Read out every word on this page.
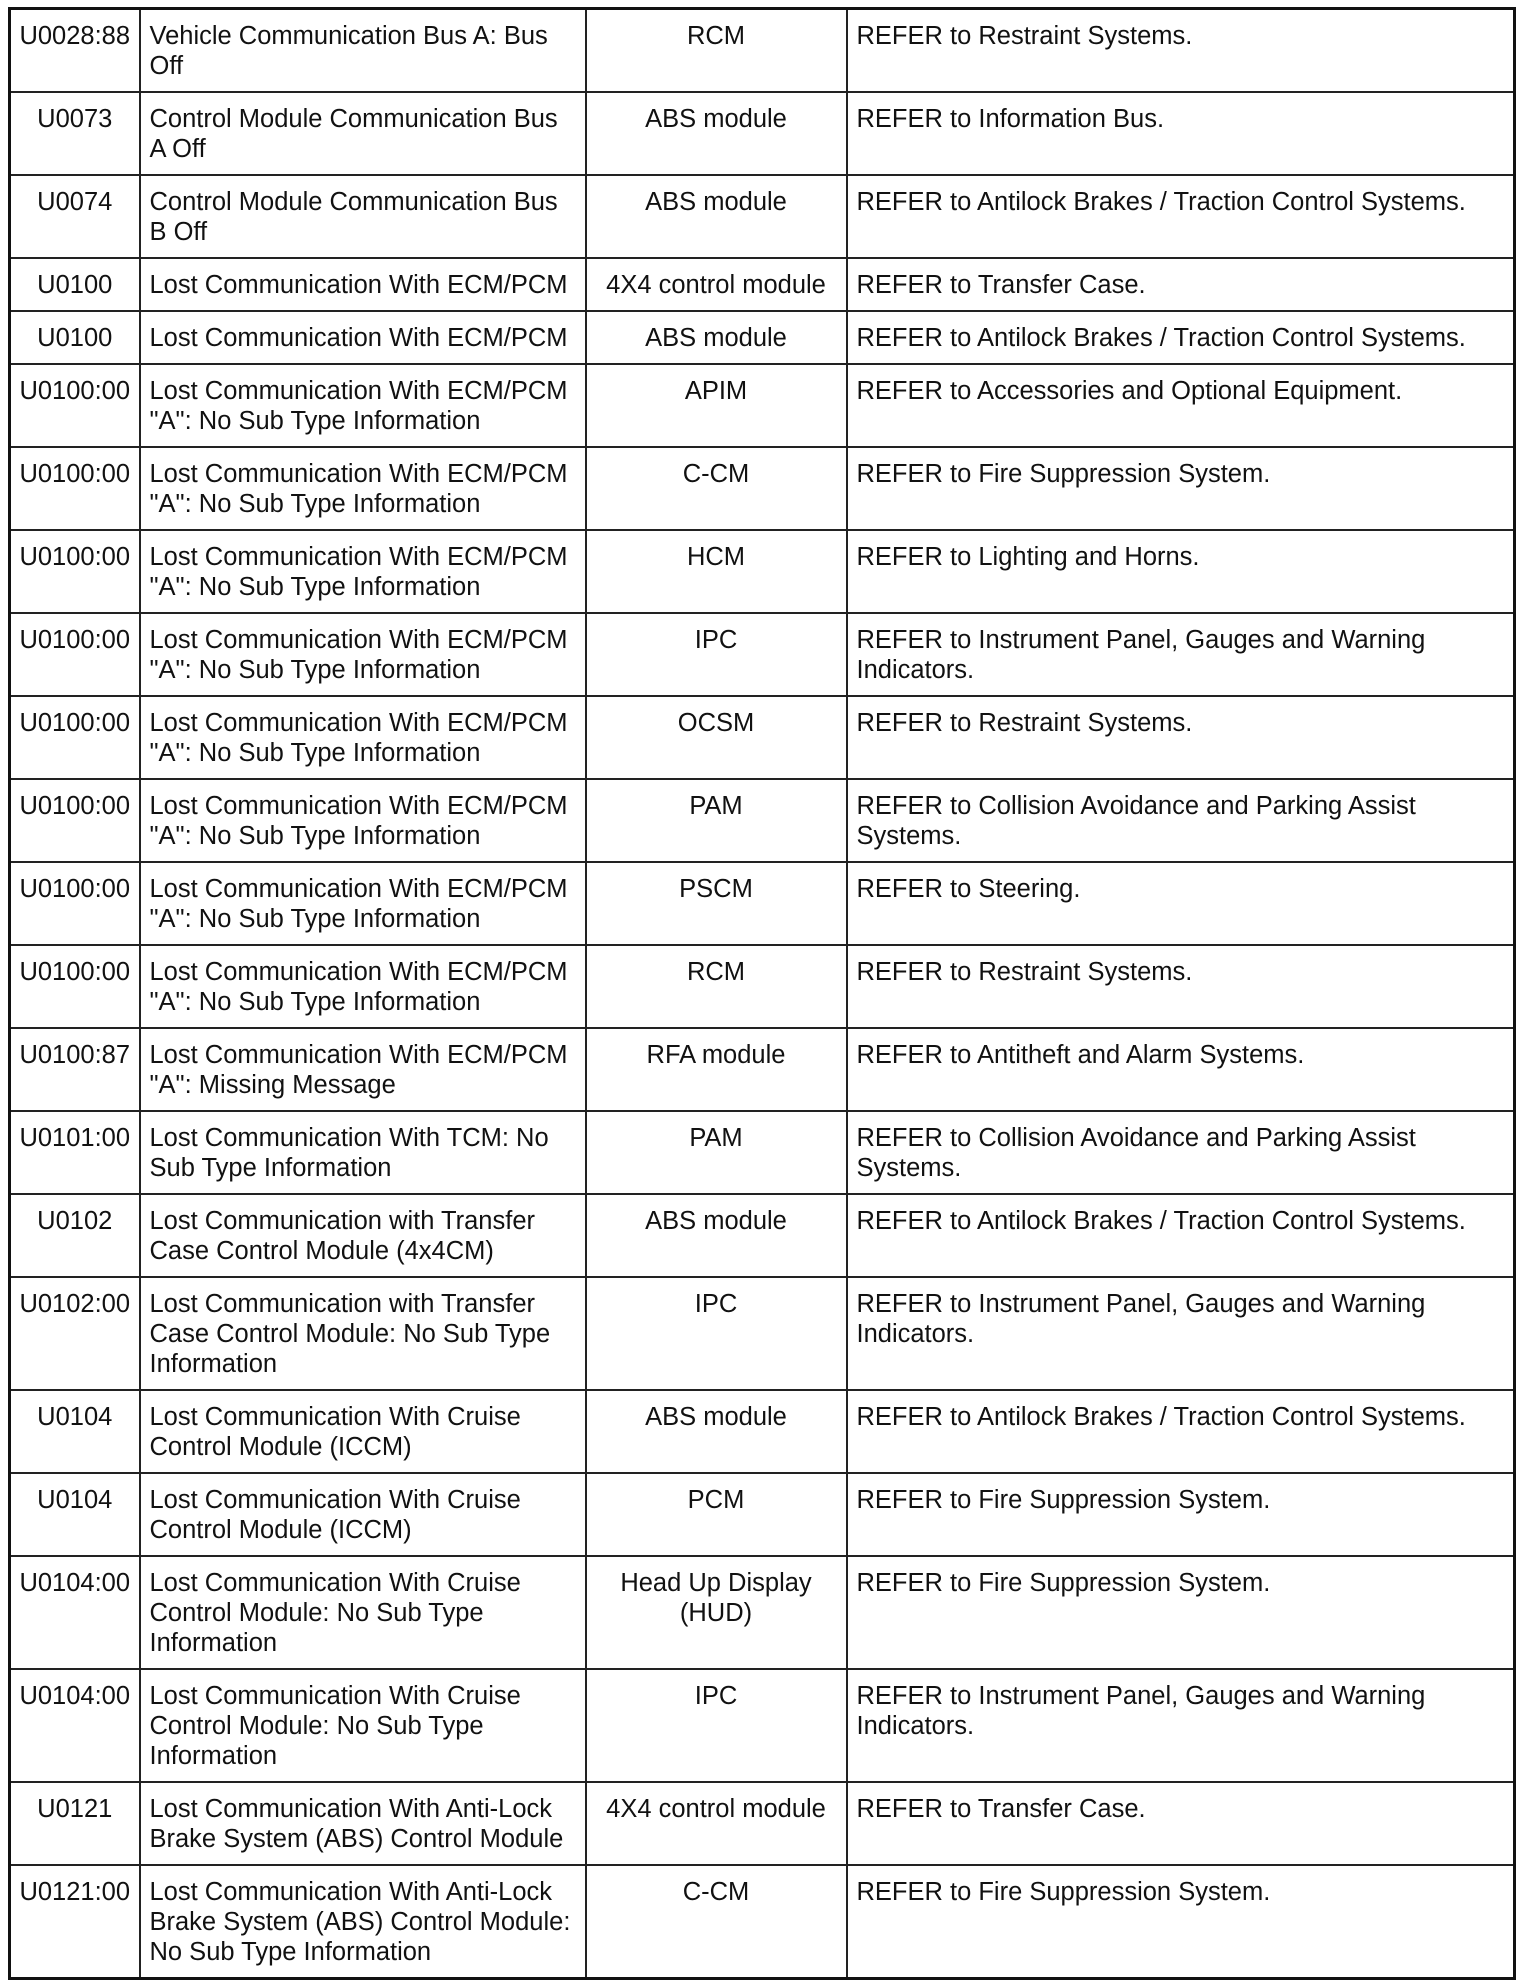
U0028:88	Vehicle Communication Bus A: Bus Off	RCM	REFER to Restraint Systems.
U0073	Control Module Communication Bus A Off	ABS module	REFER to Information Bus.
U0074	Control Module Communication Bus B Off	ABS module	REFER to Antilock Brakes / Traction Control Systems.
U0100	Lost Communication With ECM/PCM	4X4 control module	REFER to Transfer Case.
U0100	Lost Communication With ECM/PCM	ABS module	REFER to Antilock Brakes / Traction Control Systems.
U0100:00	Lost Communication With ECM/PCM "A": No Sub Type Information	APIM	REFER to Accessories and Optional Equipment.
U0100:00	Lost Communication With ECM/PCM "A": No Sub Type Information	C-CM	REFER to Fire Suppression System.
U0100:00	Lost Communication With ECM/PCM "A": No Sub Type Information	HCM	REFER to Lighting and Horns.
U0100:00	Lost Communication With ECM/PCM "A": No Sub Type Information	IPC	REFER to Instrument Panel, Gauges and Warning Indicators.
U0100:00	Lost Communication With ECM/PCM "A": No Sub Type Information	OCSM	REFER to Restraint Systems.
U0100:00	Lost Communication With ECM/PCM "A": No Sub Type Information	PAM	REFER to Collision Avoidance and Parking Assist Systems.
U0100:00	Lost Communication With ECM/PCM "A": No Sub Type Information	PSCM	REFER to Steering.
U0100:00	Lost Communication With ECM/PCM "A": No Sub Type Information	RCM	REFER to Restraint Systems.
U0100:87	Lost Communication With ECM/PCM "A": Missing Message	RFA module	REFER to Antitheft and Alarm Systems.
U0101:00	Lost Communication With TCM: No Sub Type Information	PAM	REFER to Collision Avoidance and Parking Assist Systems.
U0102	Lost Communication with Transfer Case Control Module (4x4CM)	ABS module	REFER to Antilock Brakes / Traction Control Systems.
U0102:00	Lost Communication with Transfer Case Control Module: No Sub Type Information	IPC	REFER to Instrument Panel, Gauges and Warning Indicators.
U0104	Lost Communication With Cruise Control Module (ICCM)	ABS module	REFER to Antilock Brakes / Traction Control Systems.
U0104	Lost Communication With Cruise Control Module (ICCM)	PCM	REFER to Fire Suppression System.
U0104:00	Lost Communication With Cruise Control Module: No Sub Type Information	Head Up Display (HUD)	REFER to Fire Suppression System.
U0104:00	Lost Communication With Cruise Control Module: No Sub Type Information	IPC	REFER to Instrument Panel, Gauges and Warning Indicators.
U0121	Lost Communication With Anti-Lock Brake System (ABS) Control Module	4X4 control module	REFER to Transfer Case.
U0121:00	Lost Communication With Anti-Lock Brake System (ABS) Control Module: No Sub Type Information	C-CM	REFER to Fire Suppression System.
